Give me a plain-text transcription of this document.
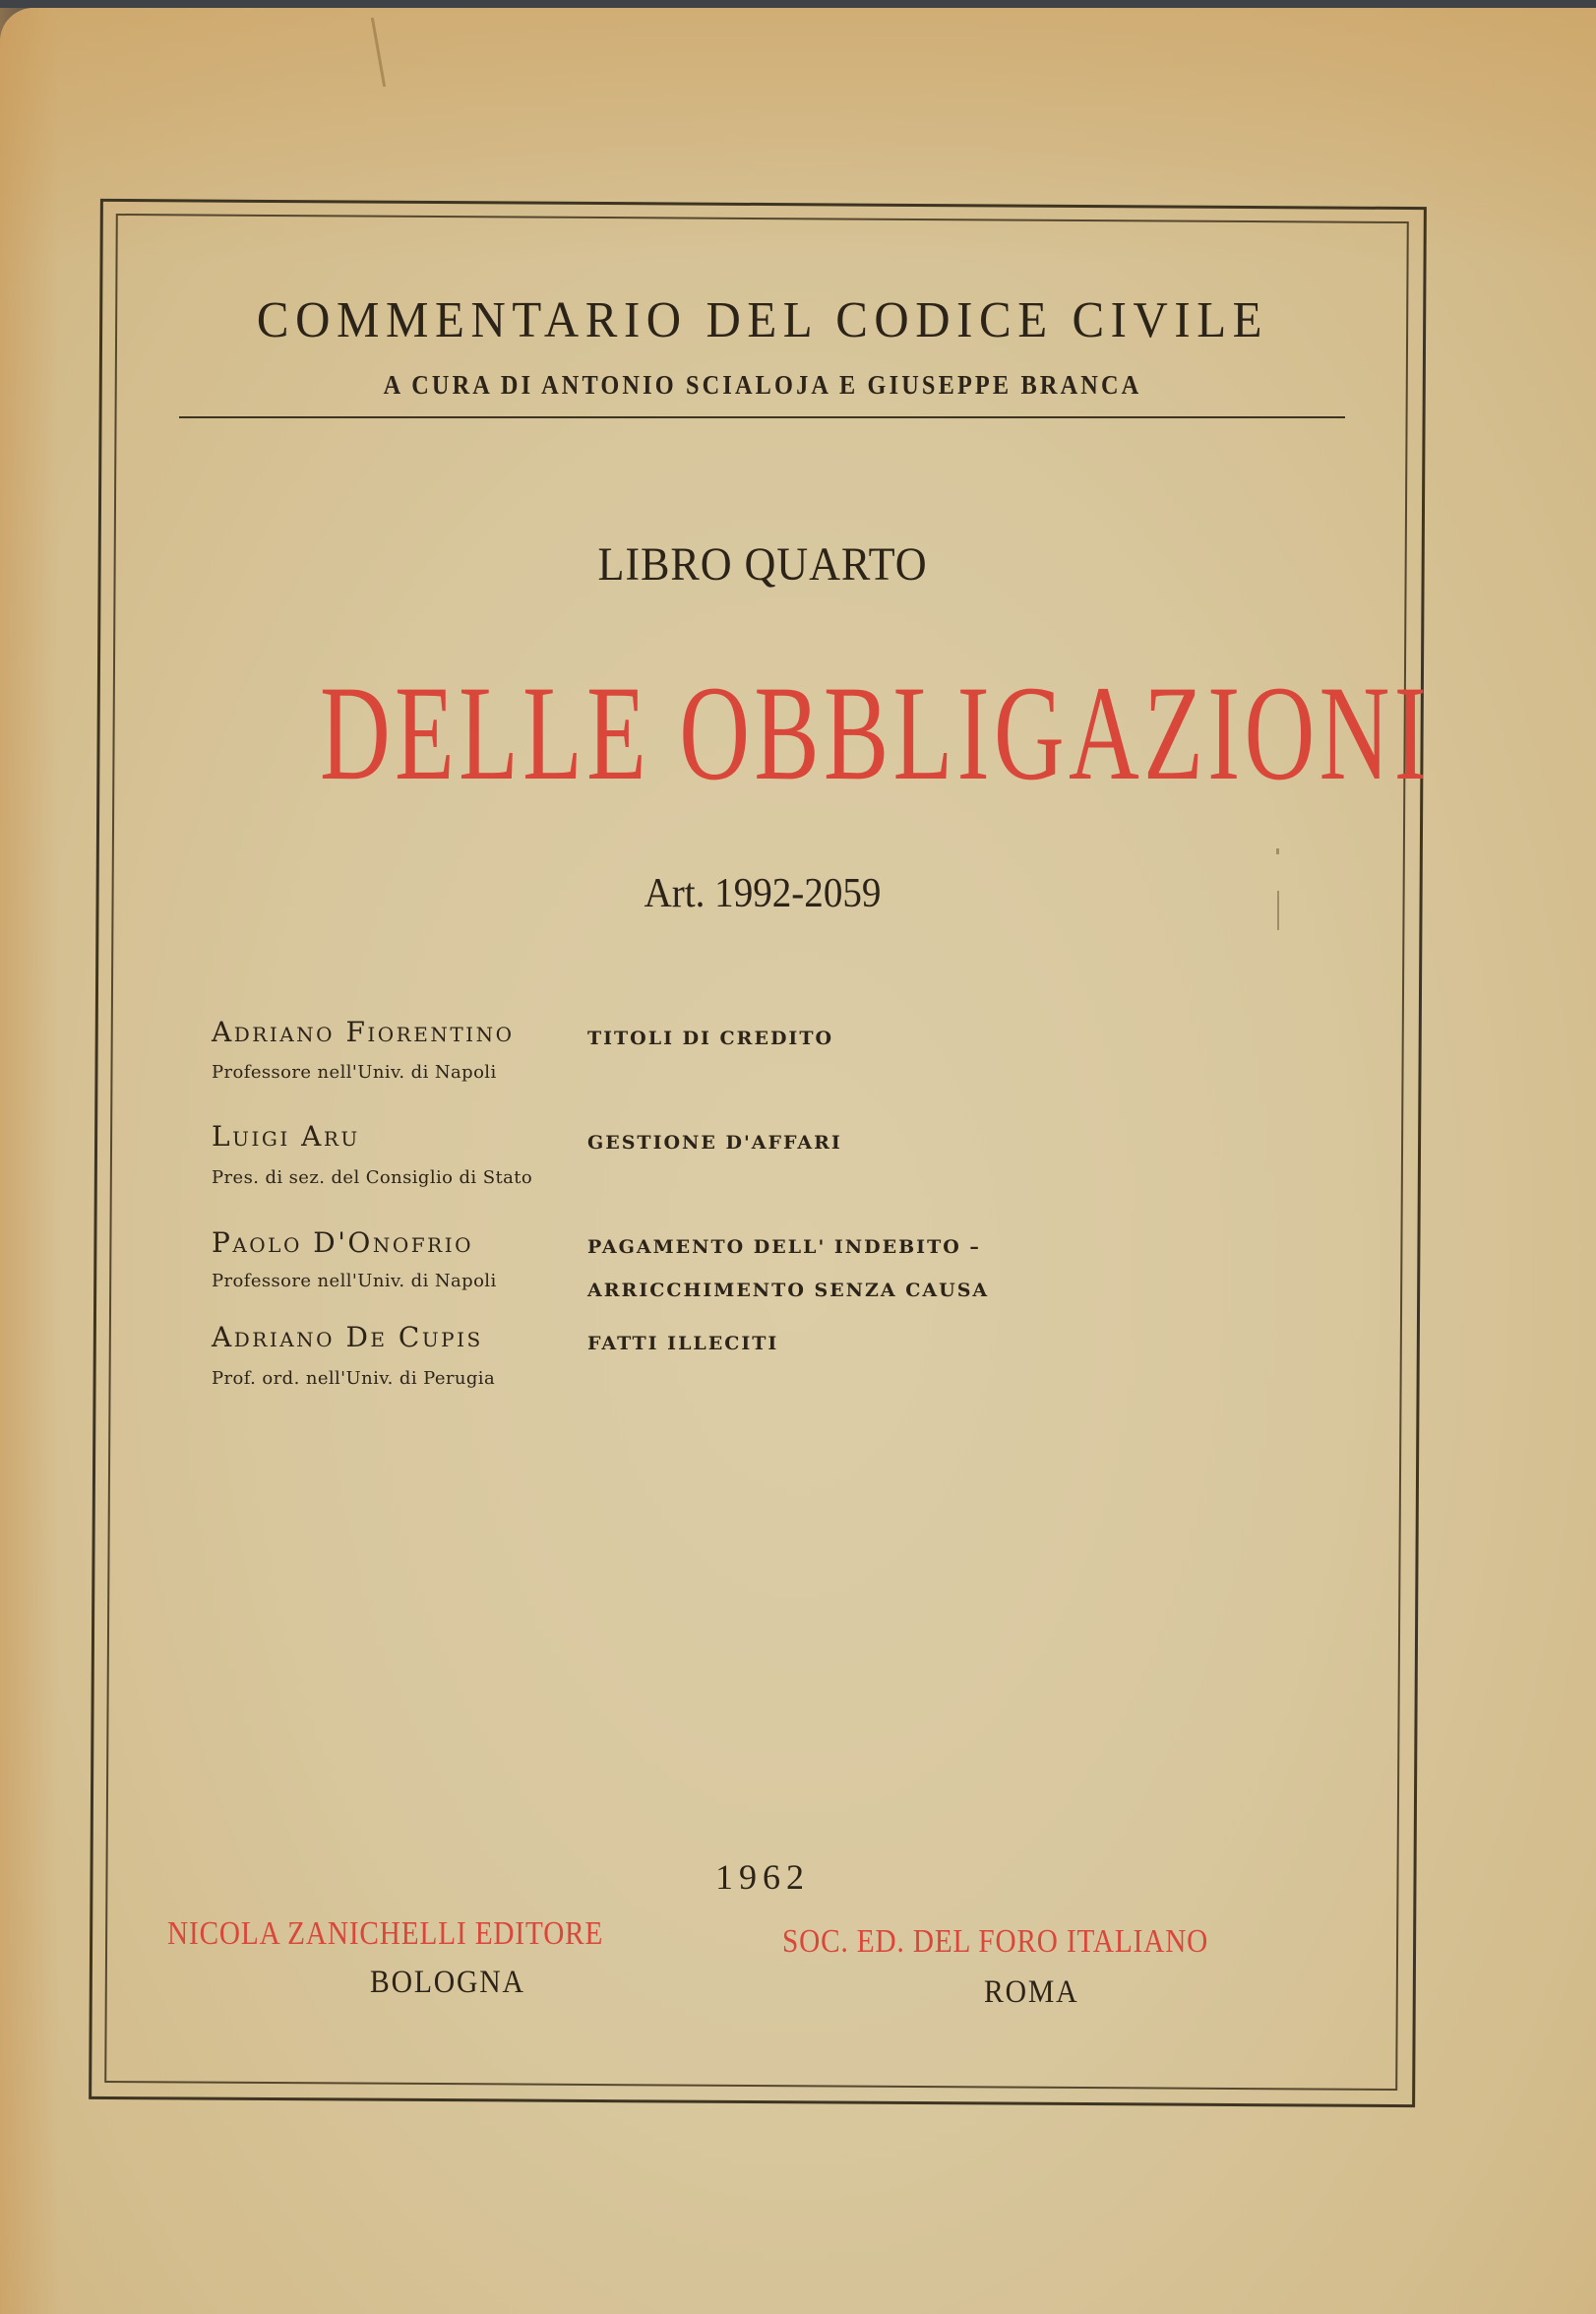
COMMENTARIO DEL CODICE CIVILE
A CURA DI ANTONIO SCIALOJA E GIUSEPPE BRANCA
LIBRO QUARTO
DELLE OBBLIGAZIONI
Art. 1992-2059
Adriano Fiorentino
Professore nell'Univ. di Napoli
TITOLI DI CREDITO
Luigi Aru
Pres. di sez. del Consiglio di Stato
GESTIONE D'AFFARI
Paolo D'Onofrio
Professore nell'Univ. di Napoli
PAGAMENTO DELL' INDEBITO –
ARRICCHIMENTO SENZA CAUSA
Adriano De Cupis
Prof. ord. nell'Univ. di Perugia
FATTI ILLECITI
1962
NICOLA ZANICHELLI EDITORE
BOLOGNA
SOC. ED. DEL FORO ITALIANO
ROMA
